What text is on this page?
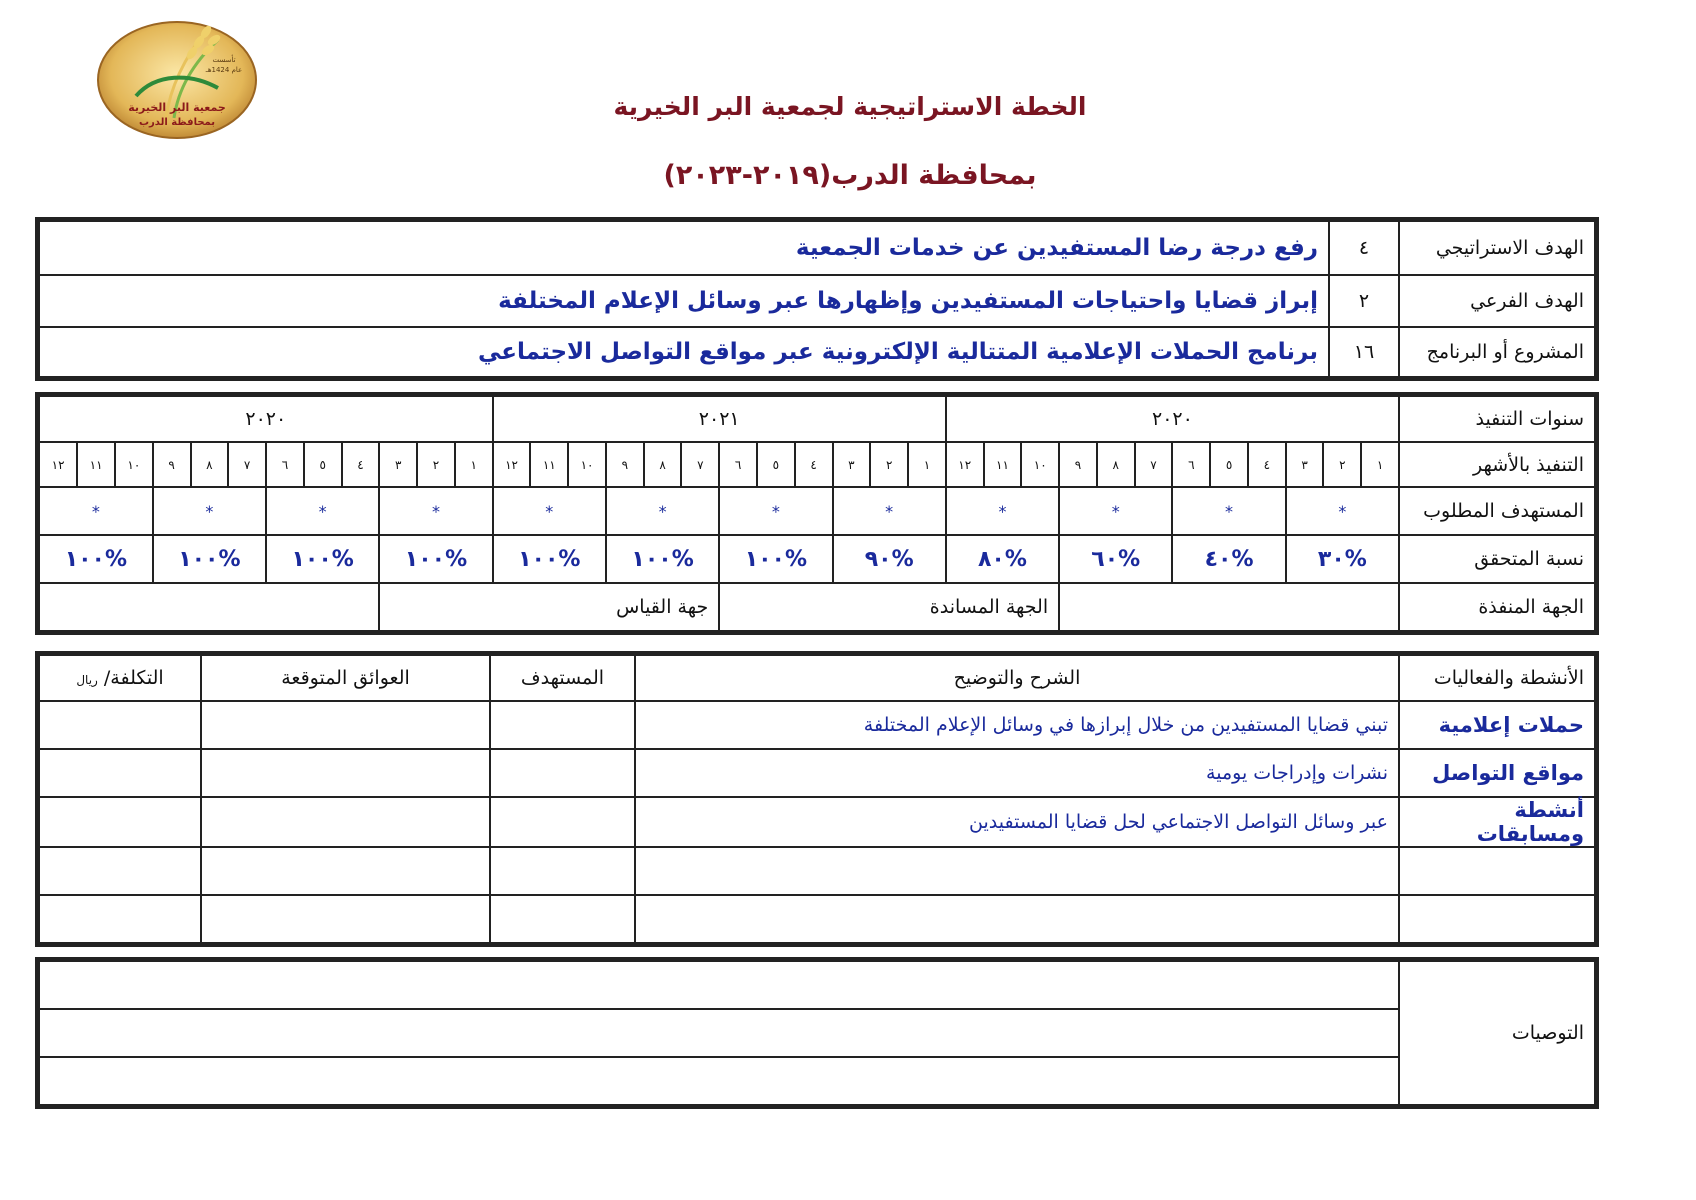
تأسست
عام 1424هـ
جمعية البر الخيرية
بمحافظة الدرب
الخطة الاستراتيجية لجمعية البر الخيرية
بمحافظة الدرب(٢٠١٩-٢٠٢٣)
الهدف الاستراتيجي	٤	رفع درجة رضا المستفيدين عن خدمات الجمعية
الهدف الفرعي	٢	إبراز قضايا واحتياجات المستفيدين وإظهارها عبر وسائل الإعلام المختلفة
المشروع أو البرنامج	١٦	برنامج الحملات الإعلامية المتتالية الإلكترونية عبر مواقع التواصل الاجتماعي
سنوات التنفيذ	٢٠٢٠												٢٠٢١												٢٠٢٠											
التنفيذ بالأشهر	١	٢	٣	٤	٥	٦	٧	٨	٩	١٠	١١	١٢	١	٢	٣	٤	٥	٦	٧	٨	٩	١٠	١١	١٢	١	٢	٣	٤	٥	٦	٧	٨	٩	١٠	١١	١٢
المستهدف المطلوب	*			*			*			*			*			*			*			*			*			*			*			*		
نسبة المتحقق	%٣٠			%٤٠			%٦٠			%٨٠			%٩٠			%١٠٠			%١٠٠			%١٠٠			%١٠٠			%١٠٠			%١٠٠			%١٠٠		
الجهة المنفذة										الجهة المساندة									جهة القياس																	
الأنشطة والفعاليات	الشرح والتوضيح	المستهدف	العوائق المتوقعة	التكلفة/ ريال
حملات إعلامية	تبني قضايا المستفيدين من خلال إبرازها في وسائل الإعلام المختلفة			
مواقع التواصل	نشرات وإدراجات يومية			
أنشطة ومسابقات	عبر وسائل التواصل الاجتماعي لحل قضايا المستفيدين			

التوصيات	
